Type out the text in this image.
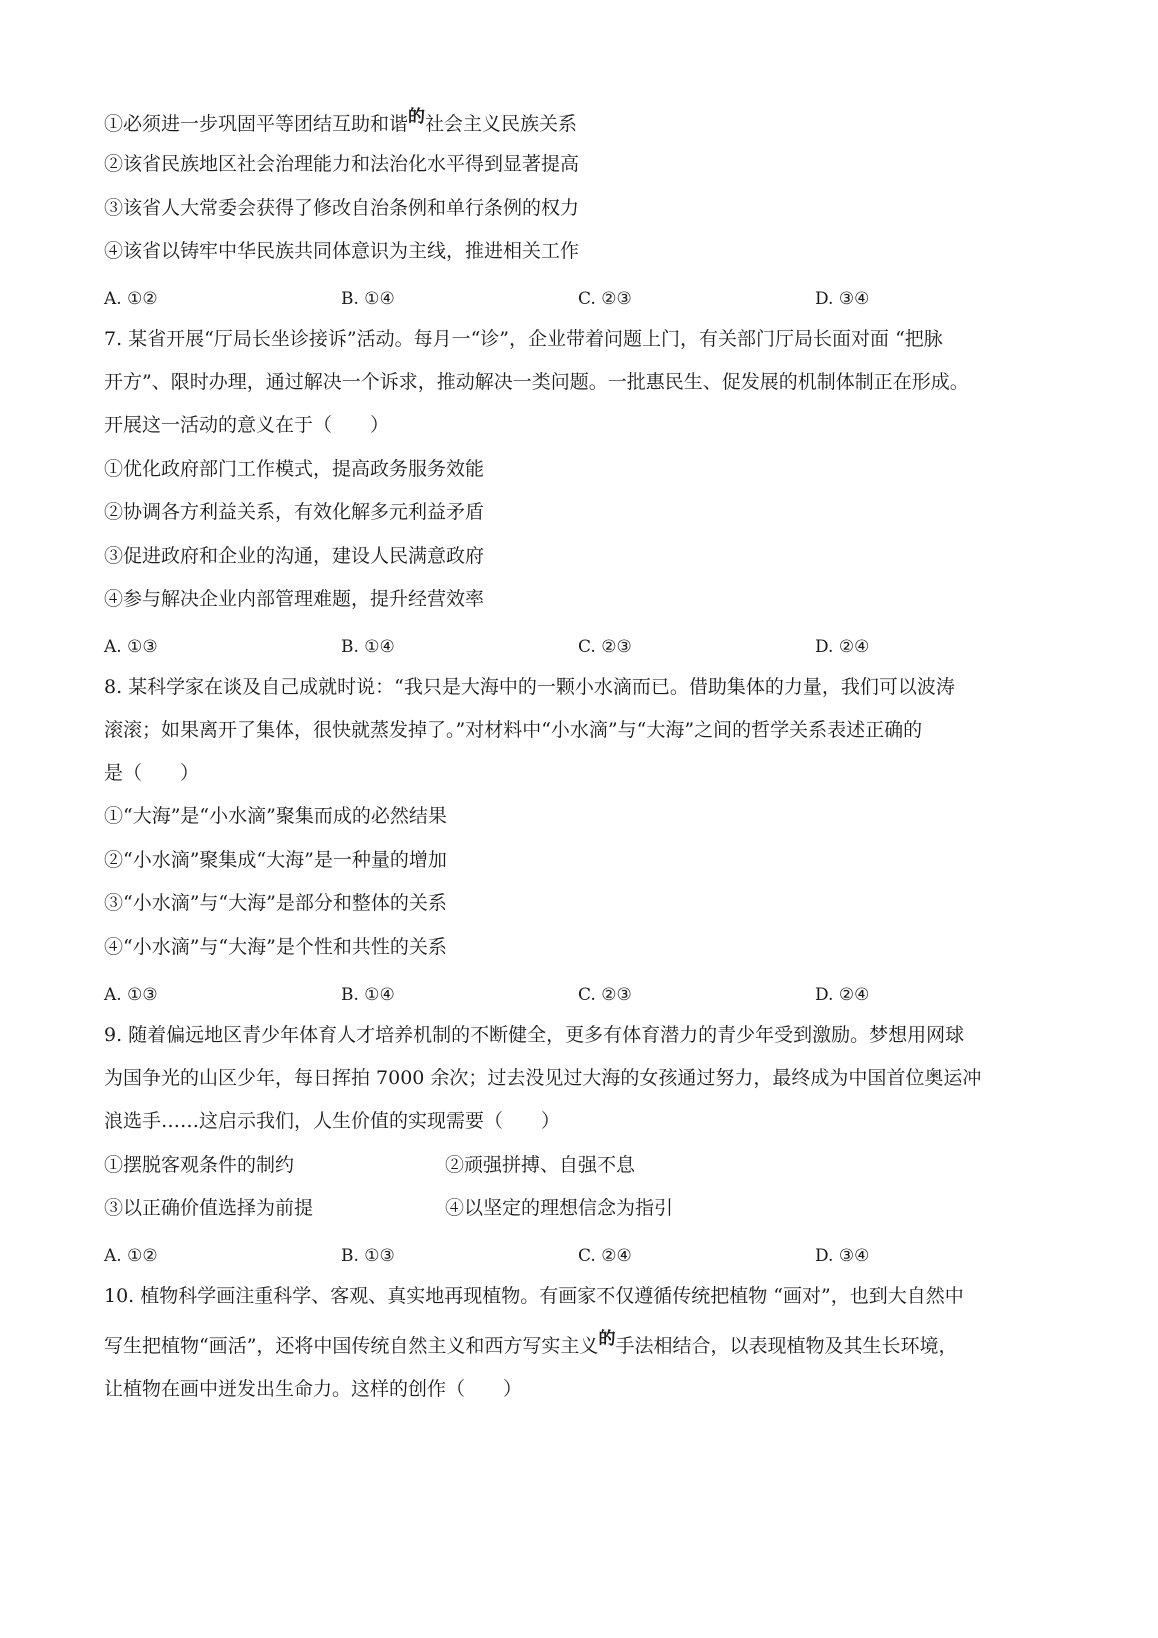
①必须进一步巩固平等团结互助和谐的社会主义民族关系
②该省民族地区社会治理能力和法治化水平得到显著提高
③该省人大常委会获得了修改自治条例和单行条例的权力
④该省以铸牢中华民族共同体意识为主线，推进相关工作
A. ①②	B. ①④	C. ②③	D. ③④
7. 某省开展“厅局长坐诊接诉”活动。每月一“诊”，企业带着问题上门，有关部门厅局长面对面 “把脉
开方”、限时办理，通过解决一个诉求，推动解决一类问题。一批惠民生、促发展的机制体制正在形成。
开展这一活动的意义在于（　　）
①优化政府部门工作模式，提高政务服务效能
②协调各方利益关系，有效化解多元利益矛盾
③促进政府和企业的沟通，建设人民满意政府
④参与解决企业内部管理难题，提升经营效率
A. ①③	B. ①④	C. ②③	D. ②④
8. 某科学家在谈及自己成就时说：“我只是大海中的一颗小水滴而已。借助集体的力量，我们可以波涛
滚滚；如果离开了集体，很快就蒸发掉了。”对材料中“小水滴”与“大海”之间的哲学关系表述正确的
是（　　）
①“大海”是“小水滴”聚集而成的必然结果
②“小水滴”聚集成“大海”是一种量的增加
③“小水滴”与“大海”是部分和整体的关系
④“小水滴”与“大海”是个性和共性的关系
A. ①③	B. ①④	C. ②③	D. ②④
9. 随着偏远地区青少年体育人才培养机制的不断健全，更多有体育潜力的青少年受到激励。梦想用网球
为国争光的山区少年，每日挥拍 7000 余次；过去没见过大海的女孩通过努力，最终成为中国首位奥运冲
浪选手……这启示我们，人生价值的实现需要（　　）
①摆脱客观条件的制约	②顽强拼搏、自强不息
③以正确价值选择为前提	④以坚定的理想信念为指引
A. ①②	B. ①③	C. ②④	D. ③④
10. 植物科学画注重科学、客观、真实地再现植物。有画家不仅遵循传统把植物 “画对”，也到大自然中
写生把植物“画活”，还将中国传统自然主义和西方写实主义的手法相结合，以表现植物及其生长环境，
让植物在画中迸发出生命力。这样的创作（　　）
